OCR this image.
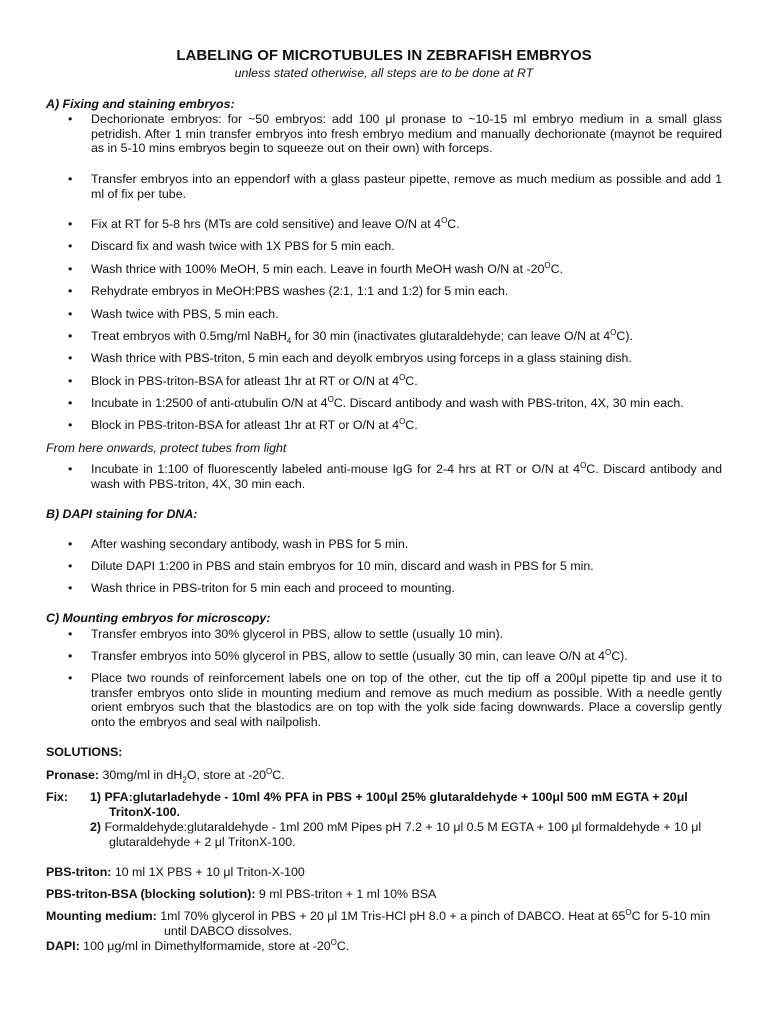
LABELING OF MICROTUBULES IN ZEBRAFISH EMBRYOS
unless stated otherwise, all steps are to be done at RT
A) Fixing and staining embryos:
•	Dechorionate embryos: for ~50 embryos: add 100 μl pronase to ~10-15 ml embryo medium in a small glass petridish. After 1 min transfer embryos into fresh embryo medium and manually dechorionate (maynot be required as in 5-10 mins embryos begin to squeeze out on their own) with forceps.
•	Transfer embryos into an eppendorf with a glass pasteur pipette, remove as much medium as possible and add 1 ml of fix per tube.
•	Fix at RT for 5-8 hrs (MTs are cold sensitive) and leave O/N at $4^OC$.
•	Discard fix and wash twice with 1X PBS for 5 min each.
•	Wash thrice with 100% MeOH, 5 min each. Leave in fourth MeOH wash O/N at $-20^OC$.
•	Rehydrate embryos in MeOH:PBS washes (2:1, 1:1 and 1:2) for 5 min each.
•	Wash twice with PBS, 5 min each.
•	Treat embryos with 0.5mg/ml NaBH$_4$ for 30 min (inactivates glutaraldehyde; can leave O/N at $4^OC$).
•	Wash thrice with PBS-triton, 5 min each and deyolk embryos using forceps in a glass staining dish.
•	Block in PBS-triton-BSA for atleast 1hr at RT or O/N at $4^OC$.
•	Incubate in 1:2500 of anti-αtubulin O/N at $4^OC$. Discard antibody and wash with PBS-triton, 4X, 30 min each.
•	Block in PBS-triton-BSA for atleast 1hr at RT or O/N at $4^OC$.
From here onwards, protect tubes from light
•	Incubate in 1:100 of fluorescently labeled anti-mouse IgG for 2-4 hrs at RT or O/N at $4^OC$. Discard antibody and wash with PBS-triton, 4X, 30 min each.
B) DAPI staining for DNA:
•	After washing secondary antibody, wash in PBS for 5 min.
•	Dilute DAPI 1:200 in PBS and stain embryos for 10 min, discard and wash in PBS for 5 min.
•	Wash thrice in PBS-triton for 5 min each and proceed to mounting.
C) Mounting embryos for microscopy:
•	Transfer embryos into 30% glycerol in PBS, allow to settle (usually 10 min).
•	Transfer embryos into 50% glycerol in PBS, allow to settle (usually 30 min, can leave O/N at $4^OC$).
•	Place two rounds of reinforcement labels one on top of the other, cut the tip off a 200μl pipette tip and use it to transfer embryos onto slide in mounting medium and remove as much medium as possible. With a needle gently orient embryos such that the blastodics are on top with the yolk side facing downwards. Place a coverslip gently onto the embryos and seal with nailpolish.
SOLUTIONS:
Pronase: 30mg/ml in $dH_2O$, store at $-20^OC$.
Fix:	1) PFA:glutarladehyde - 10ml 4% PFA in PBS + 100μl 25% glutaraldehyde + 100μl 500 mM EGTA + 20μl
TritonX-100.
2) Formaldehyde:glutaraldehyde - 1ml 200 mM Pipes pH 7.2 + 10 μl 0.5 M EGTA + 100 μl formaldehyde + 10 μl
glutaraldehyde + 2 μl TritonX-100.
PBS-triton: 10 ml 1X PBS + 10 μl Triton-X-100
PBS-triton-BSA (blocking solution): 9 ml PBS-triton + 1 ml 10% BSA
Mounting medium: 1ml 70% glycerol in PBS + 20 μl 1M Tris-HCl pH 8.0 + a pinch of DABCO. Heat at $65^OC$ for 5-10 min
until DABCO dissolves.
DAPI: 100 μg/ml in Dimethylformamide, store at $-20^OC$.
